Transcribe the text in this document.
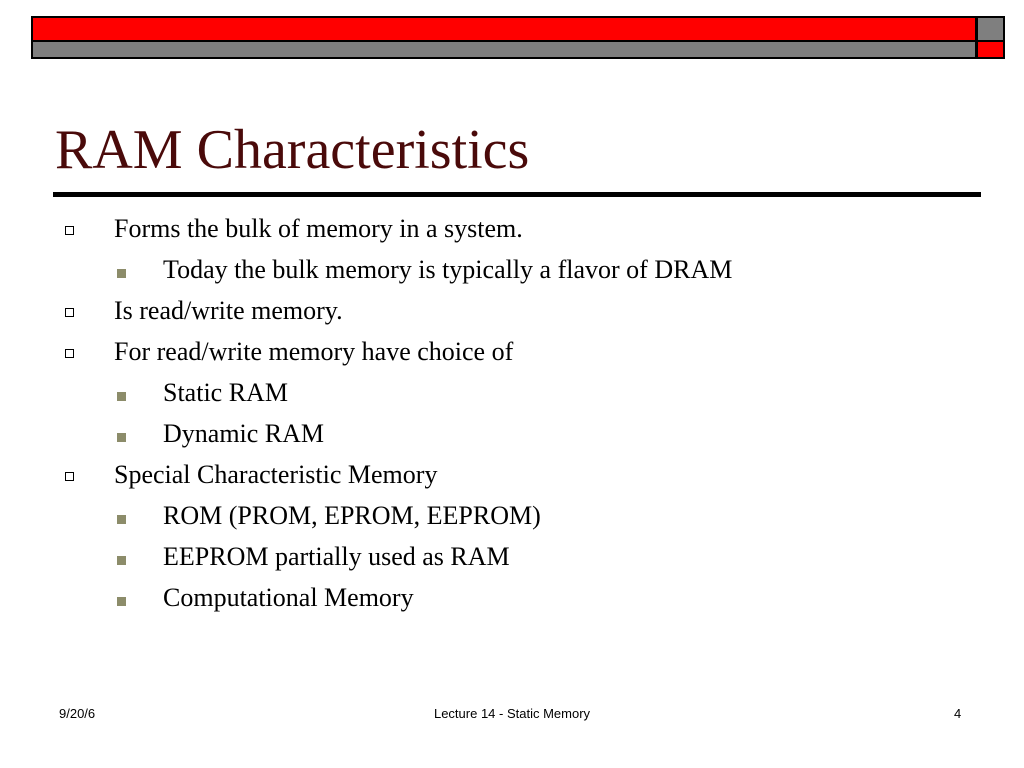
RAM Characteristics
Forms the bulk of memory in a system.
Today the bulk memory is typically a flavor of DRAM
Is read/write memory.
For read/write memory have choice of
Static RAM
Dynamic RAM
Special Characteristic Memory
ROM (PROM, EPROM, EEPROM)
EEPROM partially used as RAM
Computational Memory
9/20/6	Lecture 14 - Static Memory	4
